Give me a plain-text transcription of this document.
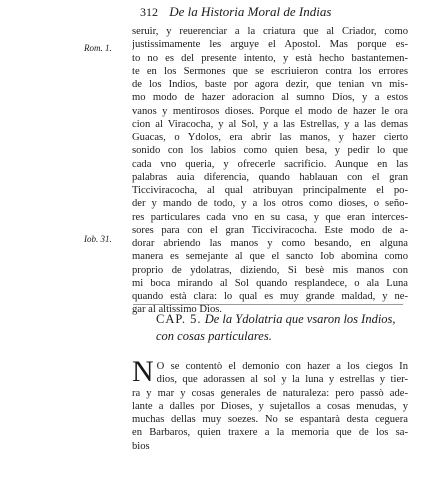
312 De la Historia Moral de Indias
Rom. 1.
Iob. 31.
seruir, y reuerenciar a la criatura que al Criador, como
justissimamente les arguye el Apostol. Mas porque es-
to no es del presente intento, y està hecho bastantemen-
te en los Sermones que se escriuieron contra los errores
de los Indios, baste por agora dezir, que tenian vn mis-
mo modo de hazer adoracion al sumno Dios, y a estos
vanos y mentirosos dioses. Porque el modo de hazer le ora
cion al Viracocha, y al Sol, y a las Estrellas, y a las demas
Guacas, o Ydolos, era abrir las manos, y hazer cierto
sonido con los labios como quien besa, y pedir lo que
cada vno queria, y ofrecerle sacrificio. Aunque en las
palabras auia diferencia, quando hablauan con el gran
Ticciviracocha, al qual atribuyan principalmente el po-
der y mando de todo, y a los otros como dioses, o seño-
res particulares cada vno en su casa, y que eran interces-
sores para con el gran Ticciviracocha. Este modo de a-
dorar abriendo las manos y como besando, en alguna
manera es semejante al que el sancto Iob abomina como
proprio de ydolatras, diziendo, Si besè mis manos con
mi boca mirando al Sol quando resplandece, o ala Luna
quando està clara: lo qual es muy grande maldad, y ne-
gar al altissimo Dios.
CAP. 5. De la Ydolatria que vsaron los Indios, con cosas particulares.
N O se contentò el demonio con hazer a los ciegos In
dios, que adorassen al sol y la luna y estrellas y tier-
ra y mar y cosas generales de naturaleza: pero passò ade-
lante a dalles por Dioses, y sujetallos a cosas menudas, y
muchas dellas muy soezes. No se espantarà desta ceguera
en Barbaros, quien traxere a la memoria que de los sa-
bios
